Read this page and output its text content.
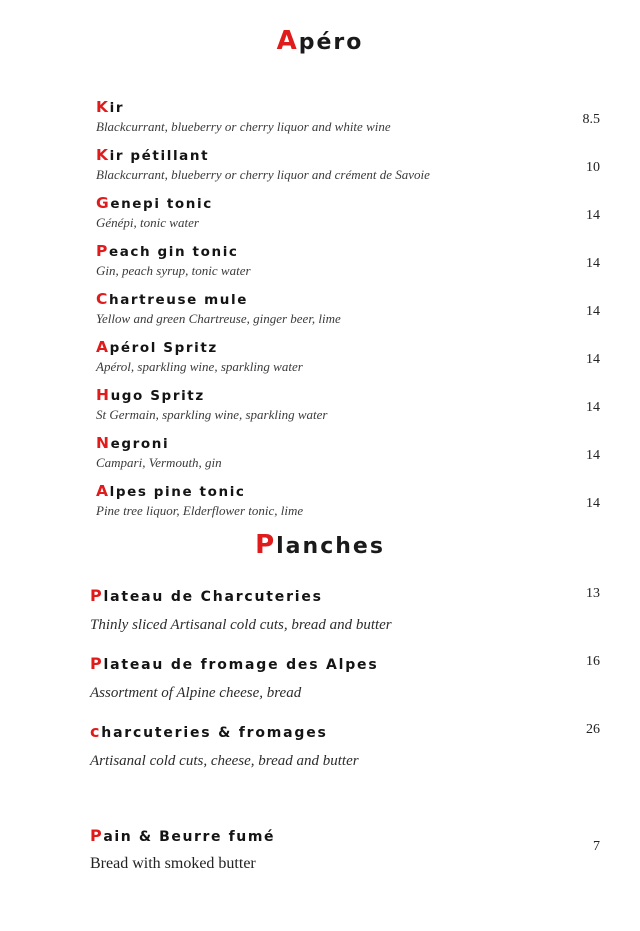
Apéro
Kir
Blackcurrant, blueberry or cherry liquor and white wine	8.5
Kir pétillant
Blackcurrant, blueberry or cherry liquor and crément de Savoie	10
Genepi tonic
Génépi, tonic water	14
Peach gin tonic
Gin, peach syrup, tonic water	14
Chartreuse mule
Yellow and green Chartreuse, ginger beer, lime	14
Apérol Spritz
Apérol, sparkling wine, sparkling water	14
Hugo Spritz
St Germain, sparkling wine, sparkling water	14
Negroni
Campari, Vermouth, gin	14
Alpes pine tonic
Pine tree liquor, Elderflower tonic, lime	14
Planches
Plateau de Charcuteries
Thinly sliced Artisanal cold cuts, bread and butter
13
Plateau de fromage des Alpes
Assortment of Alpine cheese, bread
16
charcuteries & fromages
Artisanal cold cuts, cheese, bread and butter
26
Pain & Beurre fumé
7
Bread with smoked butter
